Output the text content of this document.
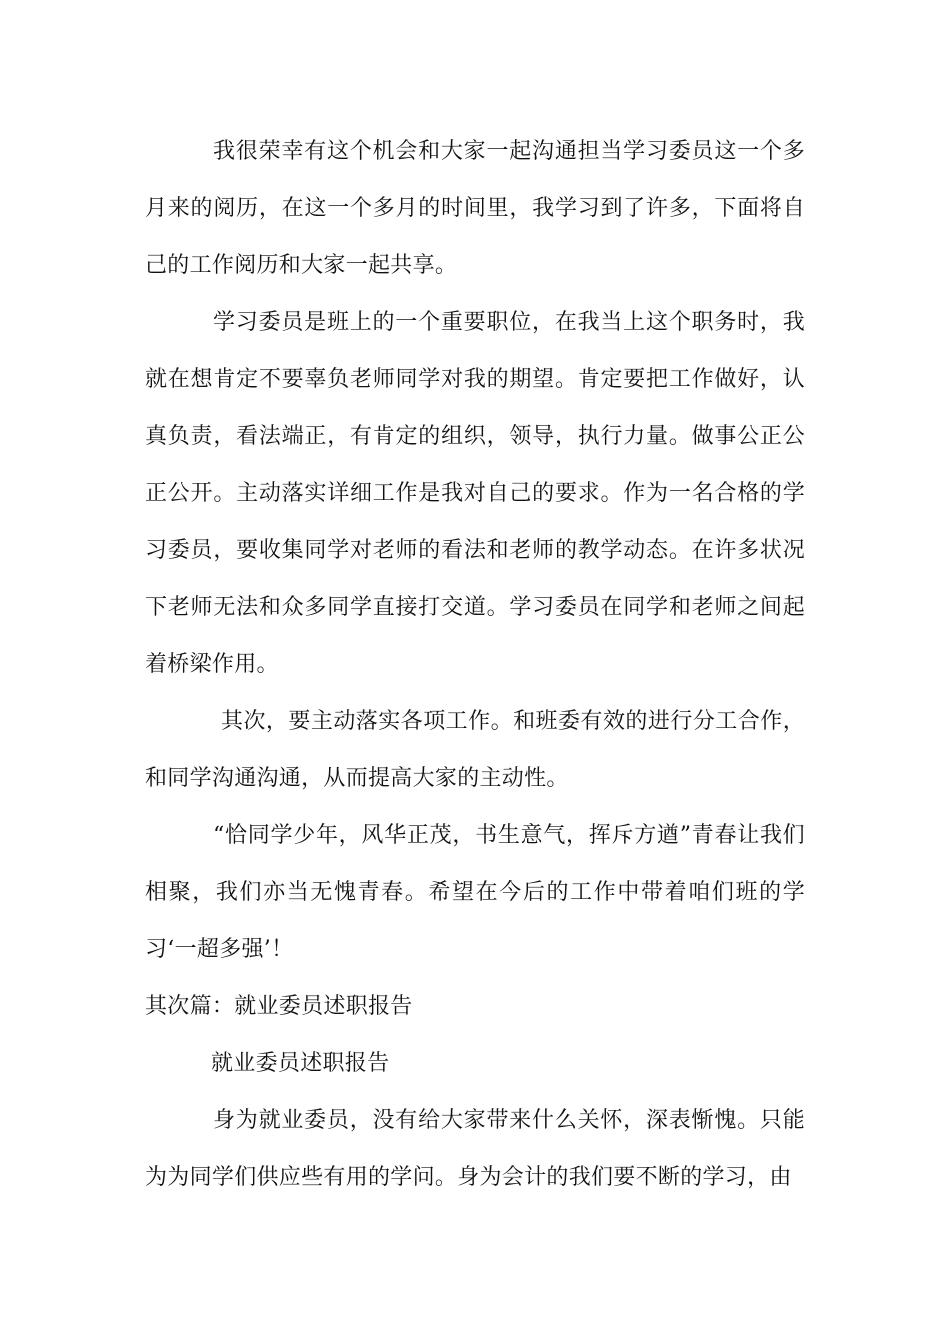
我很荣幸有这个机会和大家一起沟通担当学习委员这一个多月来的阅历，在这一个多月的时间里，我学习到了许多，下面将自己的工作阅历和大家一起共享。

学习委员是班上的一个重要职位，在我当上这个职务时，我就在想肯定不要辜负老师同学对我的期望。肯定要把工作做好，认真负责，看法端正，有肯定的组织，领导，执行力量。做事公正公正公开。主动落实详细工作是我对自己的要求。作为一名合格的学习委员，要收集同学对老师的看法和老师的教学动态。在许多状况下老师无法和众多同学直接打交道。学习委员在同学和老师之间起着桥梁作用。

其次，要主动落实各项工作。和班委有效的进行分工合作，和同学沟通沟通，从而提高大家的主动性。

“恰同学少年，风华正茂，书生意气，挥斥方遒”青春让我们相聚，我们亦当无愧青春。希望在今后的工作中带着咱们班的学习‘一超多强’！

其次篇：就业委员述职报告

就业委员述职报告

身为就业委员，没有给大家带来什么关怀，深表惭愧。只能为为同学们供应些有用的学问。身为会计的我们要不断的学习，由
